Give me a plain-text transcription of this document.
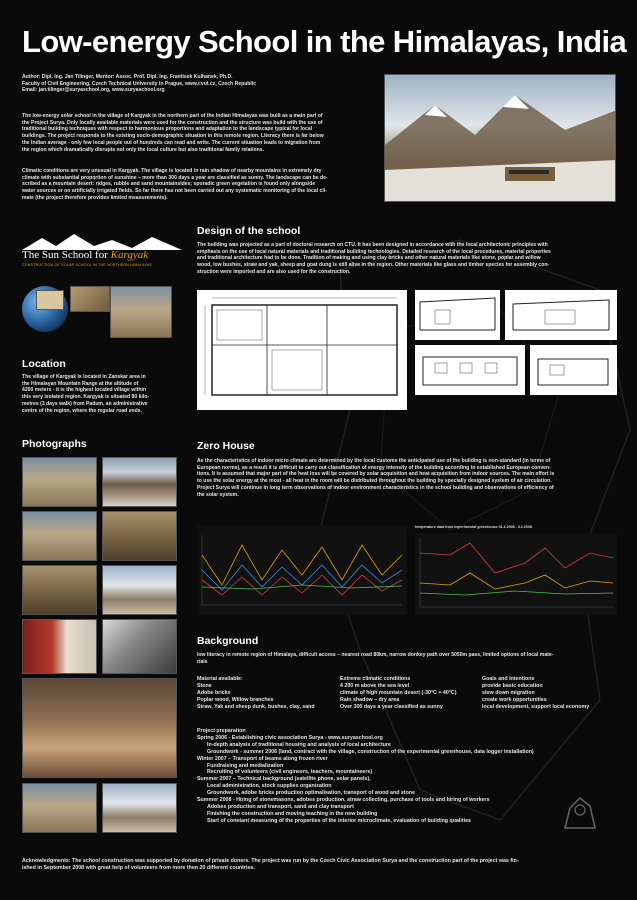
Low-energy School in the Himalayas, India
Author: Dipl. Ing. Jan Tilinger, Mentor: Assoc. Prof. Dipl. Ing. Frantisek Kulhanek, Ph.D.
Faculty of Civil Engineering, Czech Technical University in Prague, www.cvut.cz, Czech Republic
Email: jan.tilinger@suryaschool.org, www.suryaschool.org
The low-energy solar school in the village of Kargyak in the northern part of the Indian Himalayas was built as a main part of
the Project Surya. Only locally available materials were used for the construction and the structure was build with the use of
traditional building techniques with respect to harmonious proportions and adaptation to the landscape typical for local
buildings. The project responds to the existing socio-demographic situation in this remote region. Literacy there is far below
the Indian average - only few local people out of hundreds can read and write. The current situation leads to migration from
the region which dramatically disrupts not only the local culture but also traditional family relations.
Climatic conditions are very unusual in Kargyak. The village is located in rain shadow of nearby mountains in extremely dry
climate with substantial proportion of sunshine – more than 300 days a year are classified as sunny. The landscape can be de-
scribed as a mountain desert: ridges, rubble and sand mountainsides; sporadic green vegetation is found only alongside
water sources or on artificially irrigated fields. So far there has not been carried out any systematic monitoring of the local cli-
mate (the project therefore provides limited measurements).
The Sun School for Kargyak
CONSTRUCTION OF SOLAR SCHOOL IN THE NORTHERN HIMALAYAS
Location
The village of Kargyak is located in Zanskar area in
the Himalayan Mountain Range at the altitude of
4200 meters - it is the highest located village within
this very isolated region. Kargyak is situated 80 kilo-
metres (3 days walk) from Padum, an administrative
centre of the region, where the regular road ends.
Photographs
Design of the school
The building was projected as a part of doctoral research on CTU. It has been designed in accordance with the local architectonic principles with
emphasis on the use of local natural materials and traditional building technologies. Detailed research of the local procedures, material properties
and traditional architecture had to be done. Tradition of making and using clay bricks and other natural materials like stone, poplar and willow
wood, low bushes, straw and yak, sheep and goat dung is still alive in the region. Other materials like glass and timber species for assembly con-
struction were imported and are also used for the construction.
Zero House
As the characteristics of indoor micro climate are determined by the local customs the anticipated use of the building is non-standard (in terms of
European norms), as a result it is difficult to carry out classification of energy intensity of the building according to established European conven-
tions. It is assumed that major part of the heat loss will be covered by solar acquisition and heat acquisition from indoor sources. The main effort is
to use the solar energy at the most - all heat in the room will be distributed throughout the building by specially designed system of air circulation.
Project Surya will continue in long term observations of indoor environment characteristics in the school building and observations of efficiency of
the solar system.
temperature data from experimental greenhouse 31.1.2008 - 3.2.2008
Background
low literacy in remote region of Himalaya, difficult access – nearest road 80km, narrow donkey path over 5050m pass, limited options of local mate-
rials
Material available:
Stone
Adobe bricks
Poplar wood, Willow branches
Straw, Yak and sheep dunk, bushes, clay, sand
Extreme climatic conditions
4 200 m above the sea level
climate of high mountain desert (-30°C + 40°C)
Rain shadow – dry area
Over 300 days a year classified as sunny
Goals and intentions
provide basic education
slow down migration
create work opportunities
local development, support local economy
Project preparation
Spring 2006 - Establishing civic association Surya - www.suryaschool.org
In-depth analysis of traditional housing and analysis of local architecture
Groundwork - summer 2006 (land, contract with the village, construction of the experimental greenhouse, data logger installation)
Winter 2007 – Transport of beams along frozen river
Fundraising and medialization
Recruiting of volunteers (civil engineers, teachers, mountaineers)
Summer 2007 – Technical background (satellite phone, solar panels),
Local administration, stock supplies organization
Groundwork, adobe bricks production optimalisation, transport of wood and stone
Summer 2008 - Hiring of stonemasons, adobes production, straw collecting, purchase of tools and hiring of workers
Adobes production and transport, sand and clay transport
Finishing the construction and moving teaching in the new building
Start of constant measuring of the properties of the interior microclimate, evaluation of building qualities
Acknowledgments: The school construction was supported by donation of private doners. The project was run by the Czech Civic Association Surya and the construction part of the project was fin-
ished in September 2008 with great help of volunteers from more then 20 different countries.
